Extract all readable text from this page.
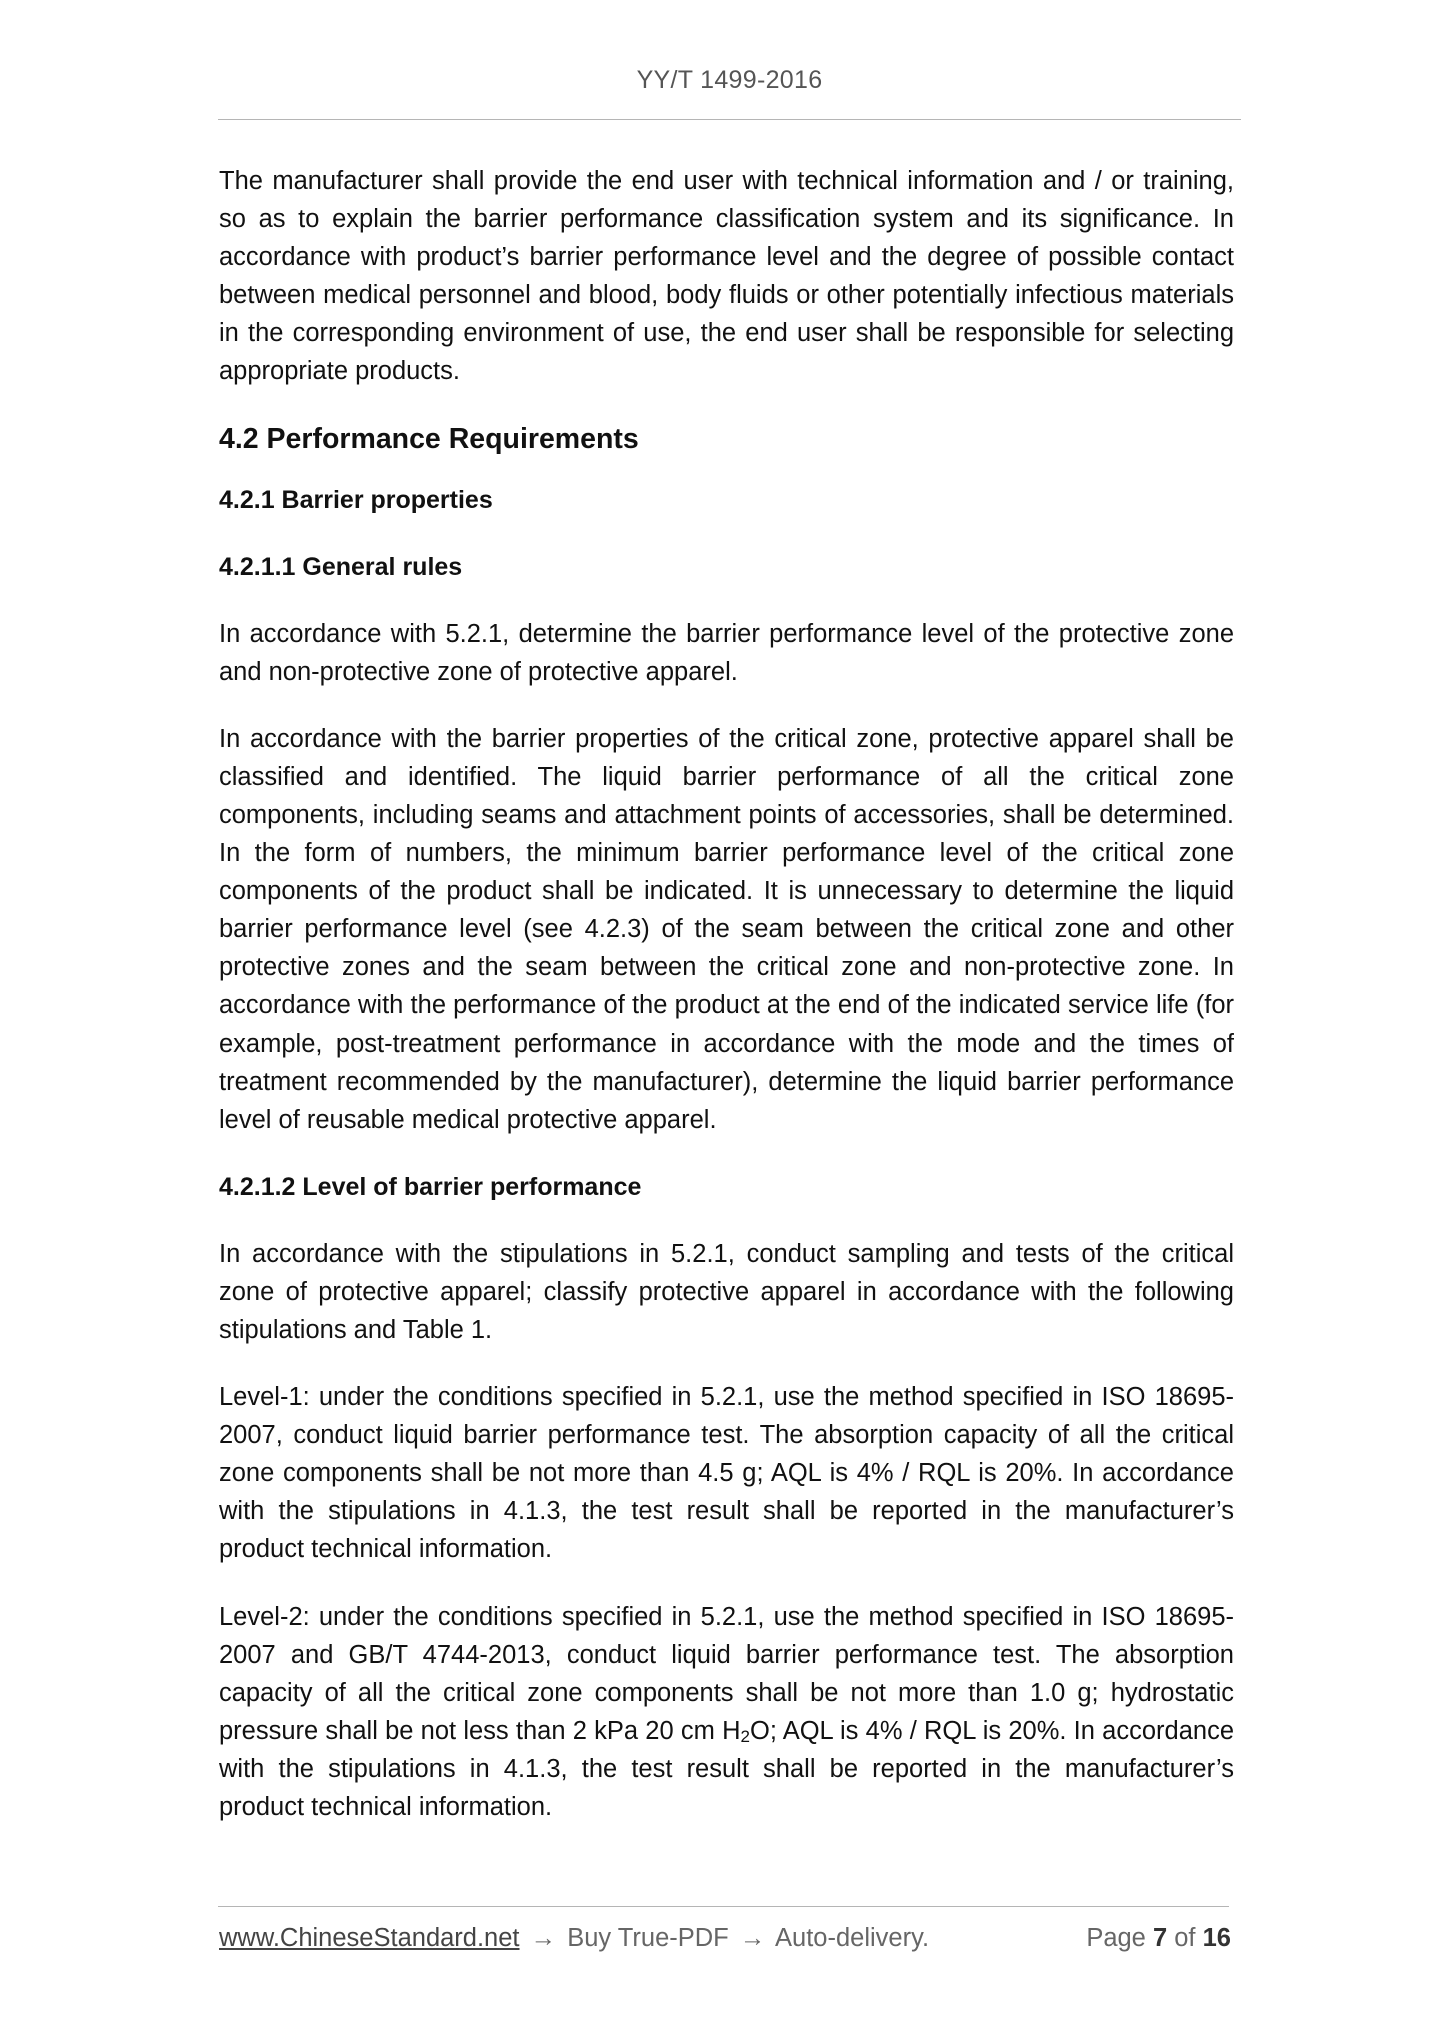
YY/T 1499-2016

The manufacturer shall provide the end user with technical information and / or training, so as to explain the barrier performance classification system and its significance. In accordance with product’s barrier performance level and the degree of possible contact between medical personnel and blood, body fluids or other potentially infectious materials in the corresponding environment of use, the end user shall be responsible for selecting appropriate products.

4.2 Performance Requirements
4.2.1 Barrier properties
4.2.1.1 General rules

In accordance with 5.2.1, determine the barrier performance level of the protective zone and non-protective zone of protective apparel.

In accordance with the barrier properties of the critical zone, protective apparel shall be classified and identified. The liquid barrier performance of all the critical zone components, including seams and attachment points of accessories, shall be determined. In the form of numbers, the minimum barrier performance level of the critical zone components of the product shall be indicated. It is unnecessary to determine the liquid barrier performance level (see 4.2.3) of the seam between the critical zone and other protective zones and the seam between the critical zone and non-protective zone. In accordance with the performance of the product at the end of the indicated service life (for example, post-treatment performance in accordance with the mode and the times of treatment recommended by the manufacturer), determine the liquid barrier performance level of reusable medical protective apparel.

4.2.1.2 Level of barrier performance

In accordance with the stipulations in 5.2.1, conduct sampling and tests of the critical zone of protective apparel; classify protective apparel in accordance with the following stipulations and Table 1.

Level-1: under the conditions specified in 5.2.1, use the method specified in ISO 18695-2007, conduct liquid barrier performance test. The absorption capacity of all the critical zone components shall be not more than 4.5 g; AQL is 4% / RQL is 20%. In accordance with the stipulations in 4.1.3, the test result shall be reported in the manufacturer’s product technical information.

Level-2: under the conditions specified in 5.2.1, use the method specified in ISO 18695-2007 and GB/T 4744-2013, conduct liquid barrier performance test. The absorption capacity of all the critical zone components shall be not more than 1.0 g; hydrostatic pressure shall be not less than 2 kPa 20 cm $H_2O$; AQL is 4% / RQL is 20%. In accordance with the stipulations in 4.1.3, the test result shall be reported in the manufacturer’s product technical information.

www.ChineseStandard.net → Buy True-PDF → Auto-delivery.	Page 7 of 16
